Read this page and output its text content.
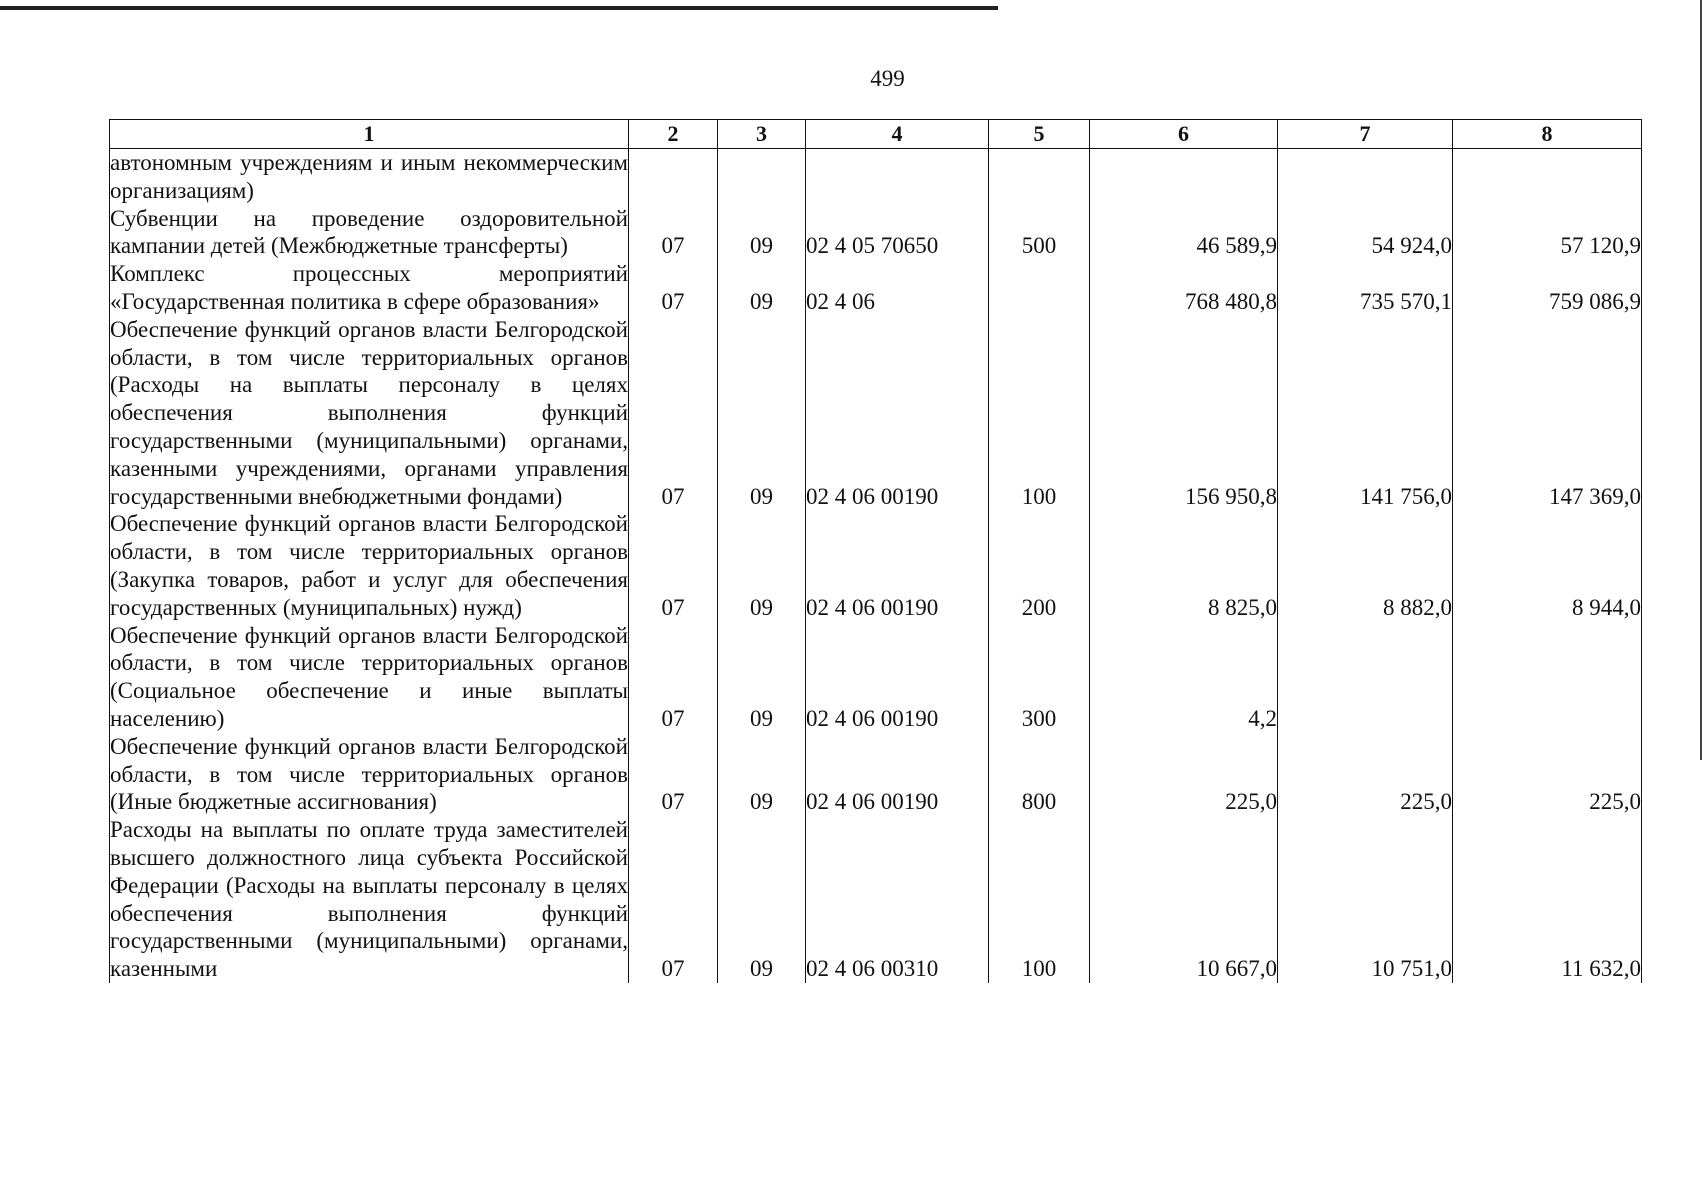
499
1	2	3	4	5	6	7	8
автономным учреждениям и иным некоммерческим организациям)							
Субвенции на проведение оздоровительной кампании детей (Межбюджетные трансферты)	07	09	02 4 05 70650	500	46 589,9	54 924,0	57 120,9
Комплекс процессных мероприятий «Государственная политика в сфере образования»	07	09	02 4 06		768 480,8	735 570,1	759 086,9
Обеспечение функций органов власти Белгородской области, в том числе территориальных органов (Расходы на выплаты персоналу в целях обеспечения выполнения функций государственными (муниципальными) органами, казенными учреждениями, органами управления государственными внебюджетными фондами)	07	09	02 4 06 00190	100	156 950,8	141 756,0	147 369,0
Обеспечение функций органов власти Белгородской области, в том числе территориальных органов (Закупка товаров, работ и услуг для обеспечения государственных (муниципальных) нужд)	07	09	02 4 06 00190	200	8 825,0	8 882,0	8 944,0
Обеспечение функций органов власти Белгородской области, в том числе территориальных органов (Социальное обеспечение и иные выплаты населению)	07	09	02 4 06 00190	300	4,2		
Обеспечение функций органов власти Белгородской области, в том числе территориальных органов (Иные бюджетные ассигнования)	07	09	02 4 06 00190	800	225,0	225,0	225,0
Расходы на выплаты по оплате труда заместителей высшего должностного лица субъекта Российской Федерации (Расходы на выплаты персоналу в целях обеспечения выполнения функций государственными (муниципальными) органами, казенными	07	09	02 4 06 00310	100	10 667,0	10 751,0	11 632,0
